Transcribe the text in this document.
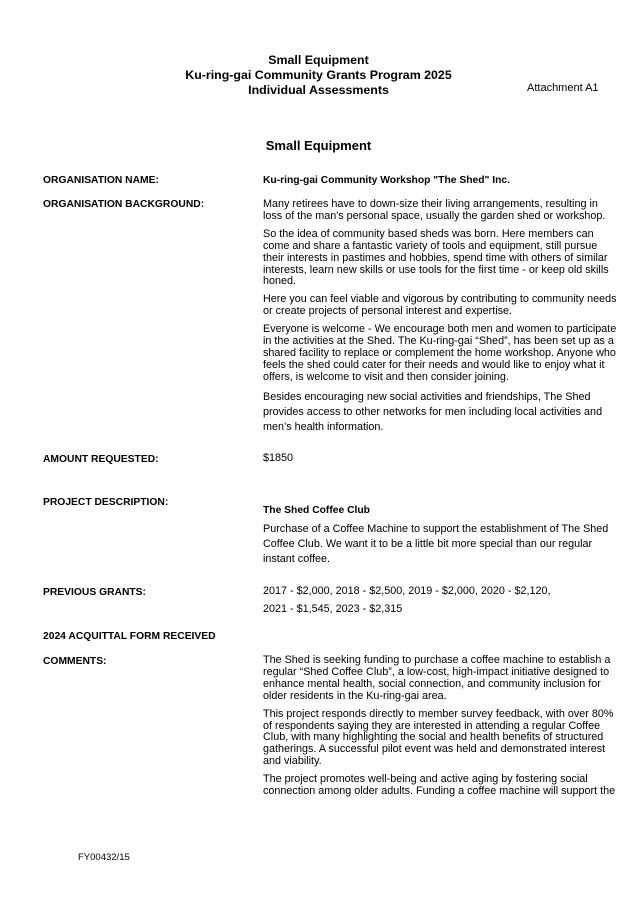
Small Equipment
Ku-ring-gai Community Grants Program 2025
Individual Assessments	Attachment A1
Small Equipment
ORGANISATION NAME:	Ku-ring-gai Community Workshop "The Shed" Inc.
ORGANISATION BACKGROUND:	Many retirees have to down-size their living arrangements, resulting in loss of the man's personal space, usually the garden shed or workshop.

So the idea of community based sheds was born. Here members can come and share a fantastic variety of tools and equipment, still pursue their interests in pastimes and hobbies, spend time with others of similar interests, learn new skills or use tools for the first time - or keep old skills honed.

Here you can feel viable and vigorous by contributing to community needs or create projects of personal interest and expertise.

Everyone is welcome - We encourage both men and women to participate in the activities at the Shed. The Ku-ring-gai “Shed”, has been set up as a shared facility to replace or complement the home workshop. Anyone who feels the shed could cater for their needs and would like to enjoy what it offers, is welcome to visit and then consider joining.

Besides encouraging new social activities and friendships, The Shed provides access to other networks for men including local activities and men’s health information.

AMOUNT REQUESTED:	$1850
PROJECT DESCRIPTION:
The Shed Coffee Club
Purchase of a Coffee Machine to support the establishment of The Shed Coffee Club. We want it to be a little bit more special than our regular instant coffee.
PREVIOUS GRANTS:	2017 - $2,000, 2018 - $2,500, 2019 - $2,000, 2020 - $2,120,
2021 - $1,545, 2023 - $2,315
2024 ACQUITTAL FORM RECEIVED
COMMENTS:	The Shed is seeking funding to purchase a coffee machine to establish a regular “Shed Coffee Club”, a low-cost, high-impact initiative designed to enhance mental health, social connection, and community inclusion for older residents in the Ku-ring-gai area.

This project responds directly to member survey feedback, with over 80% of respondents saying they are interested in attending a regular Coffee Club, with many highlighting the social and health benefits of structured gatherings. A successful pilot event was held and demonstrated interest and viability.

The project promotes well-being and active aging by fostering social connection among older adults. Funding a coffee machine will support the

FY00432/15
